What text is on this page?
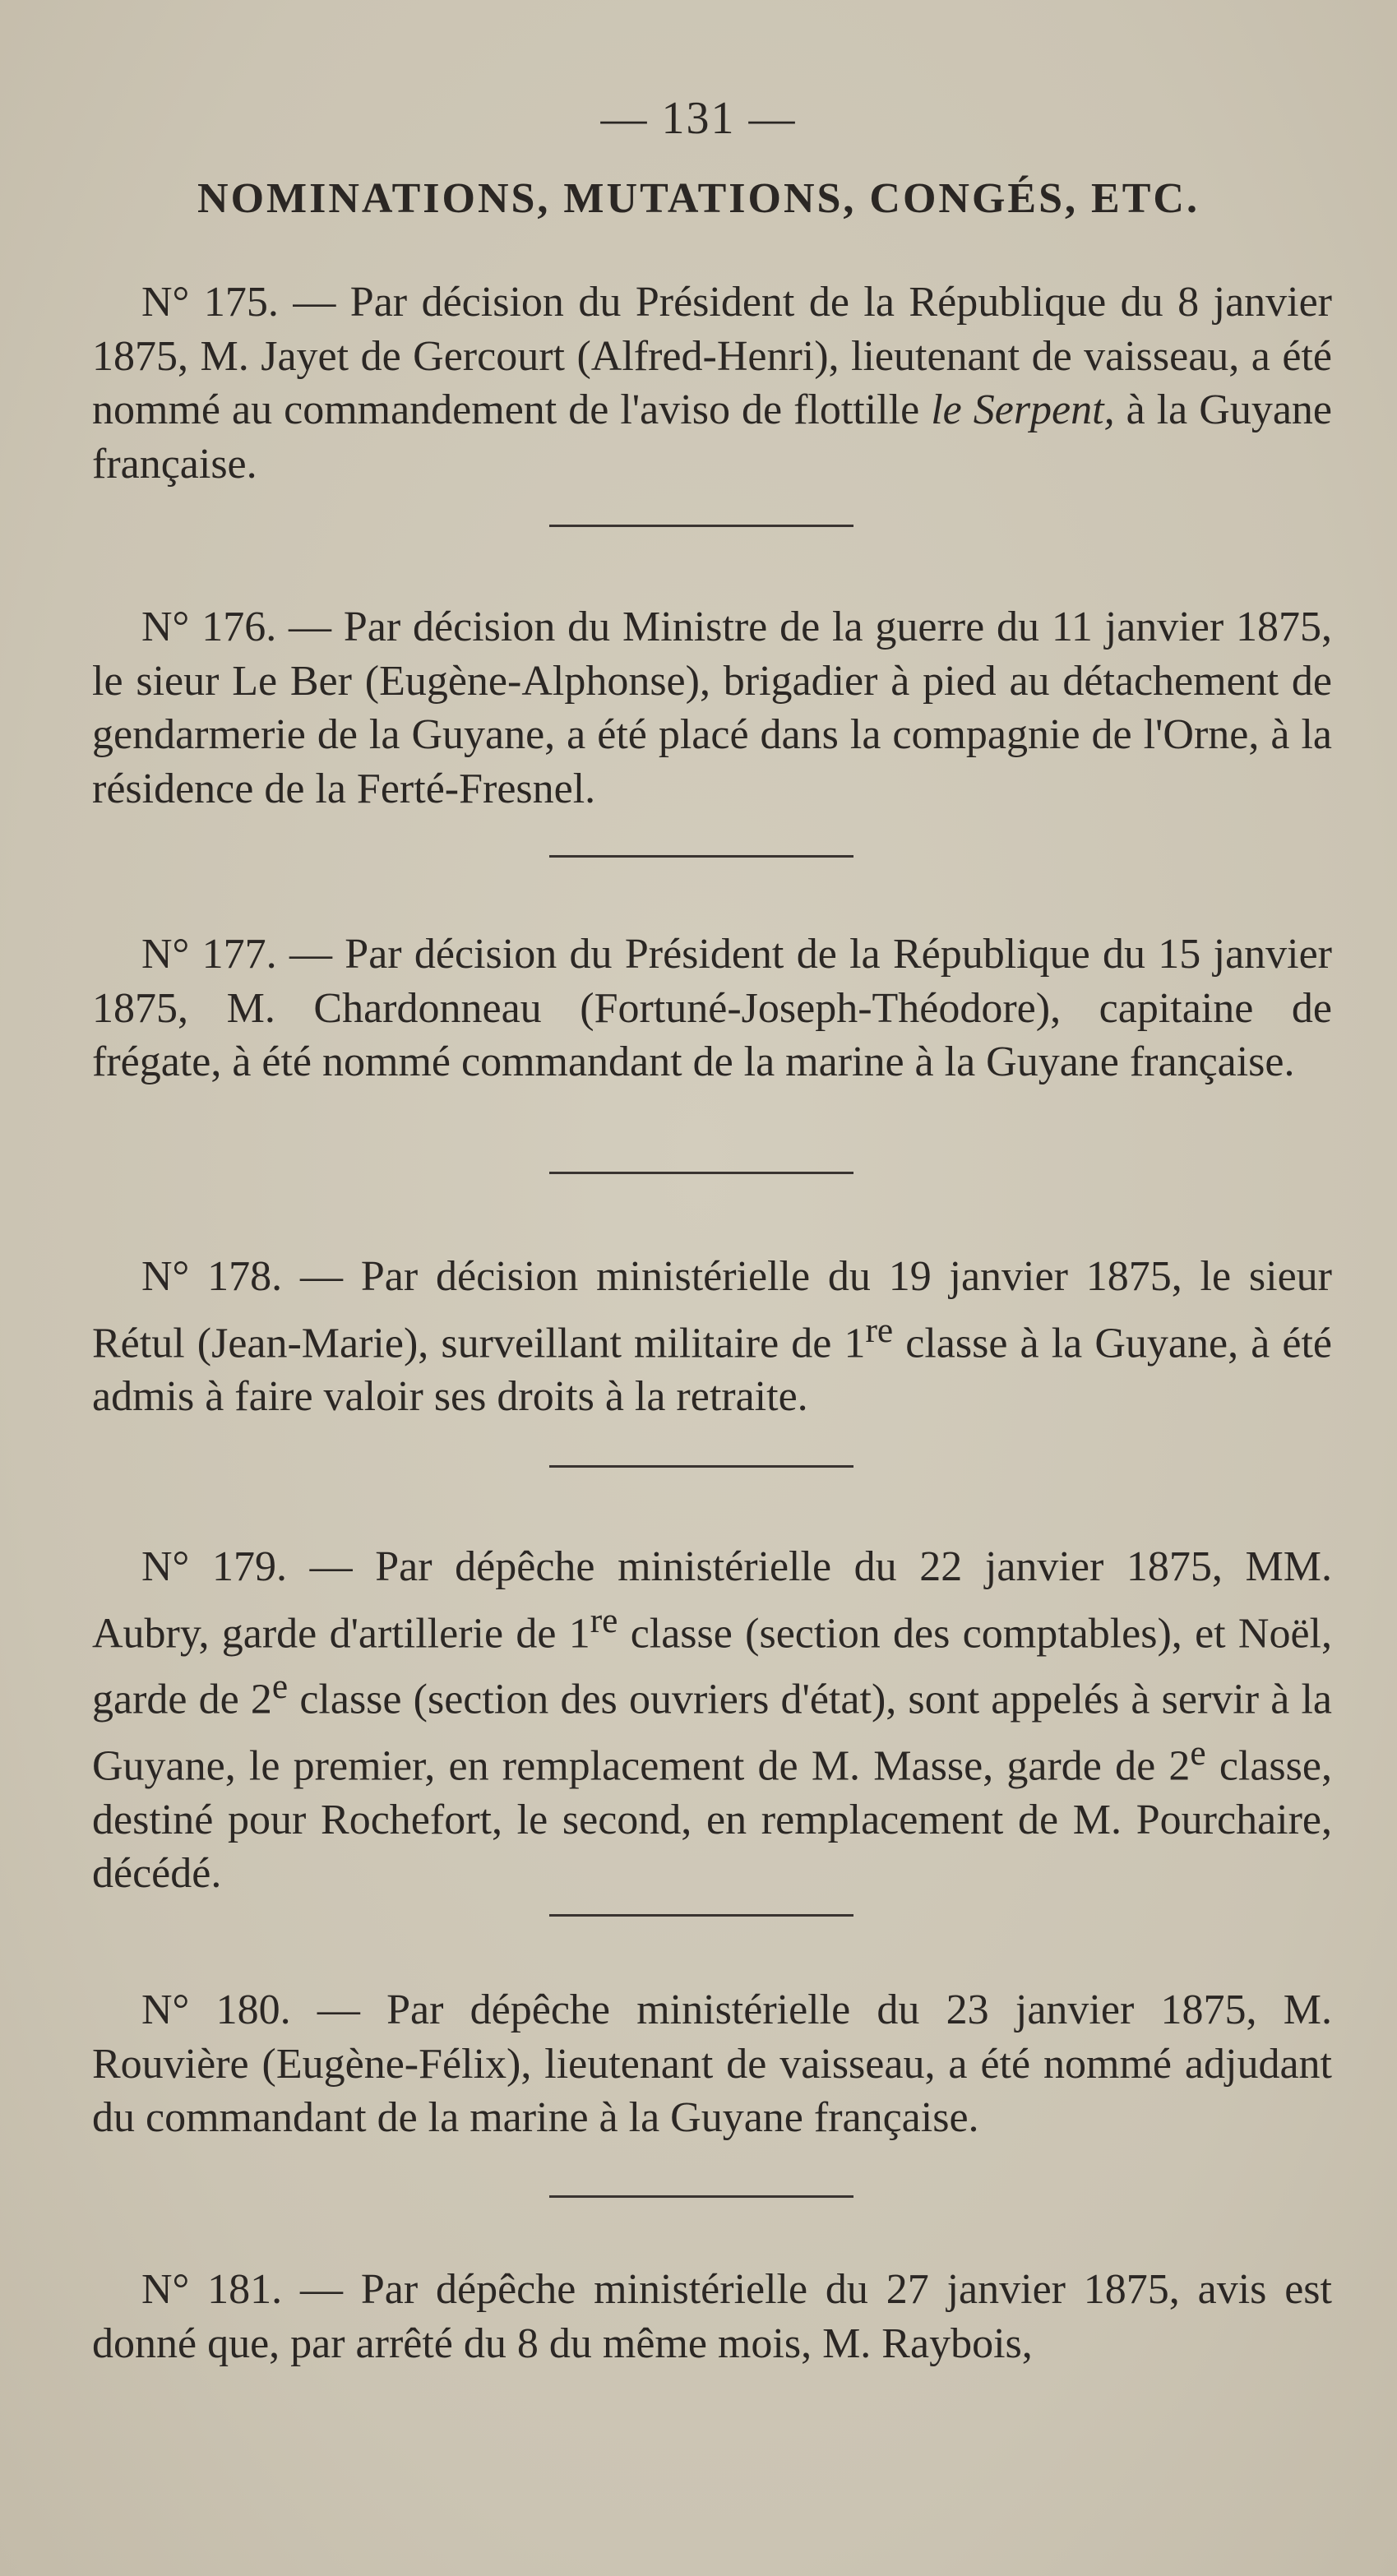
— 131 —
NOMINATIONS, MUTATIONS, CONGÉS, ETC.

N° 175. — Par décision du Président de la République du 8 janvier 1875, M. Jayet de Gercourt (Alfred-Henri), lieutenant de vaisseau, a été nommé au commandement de l'aviso de flottille le Serpent, à la Guyane française.

N° 176. — Par décision du Ministre de la guerre du 11 janvier 1875, le sieur Le Ber (Eugène-Alphonse), brigadier à pied au détachement de gendarmerie de la Guyane, a été placé dans la compagnie de l'Orne, à la résidence de la Ferté-Fresnel.

N° 177. — Par décision du Président de la République du 15 janvier 1875, M. Chardonneau (Fortuné-Joseph-Théodore), capitaine de frégate, à été nommé commandant de la marine à la Guyane française.

N° 178. — Par décision ministérielle du 19 janvier 1875, le sieur Rétul (Jean-Marie), surveillant militaire de 1re classe à la Guyane, à été admis à faire valoir ses droits à la retraite.

N° 179. — Par dépêche ministérielle du 22 janvier 1875, MM. Aubry, garde d'artillerie de 1re classe (section des comptables), et Noël, garde de 2e classe (section des ouvriers d'état), sont appelés à servir à la Guyane, le premier, en remplacement de M. Masse, garde de 2e classe, destiné pour Rochefort, le second, en remplacement de M. Pourchaire, décédé.

N° 180. — Par dépêche ministérielle du 23 janvier 1875, M. Rouvière (Eugène-Félix), lieutenant de vaisseau, a été nommé adjudant du commandant de la marine à la Guyane française.

N° 181. — Par dépêche ministérielle du 27 janvier 1875, avis est donné que, par arrêté du 8 du même mois, M. Raybois,
